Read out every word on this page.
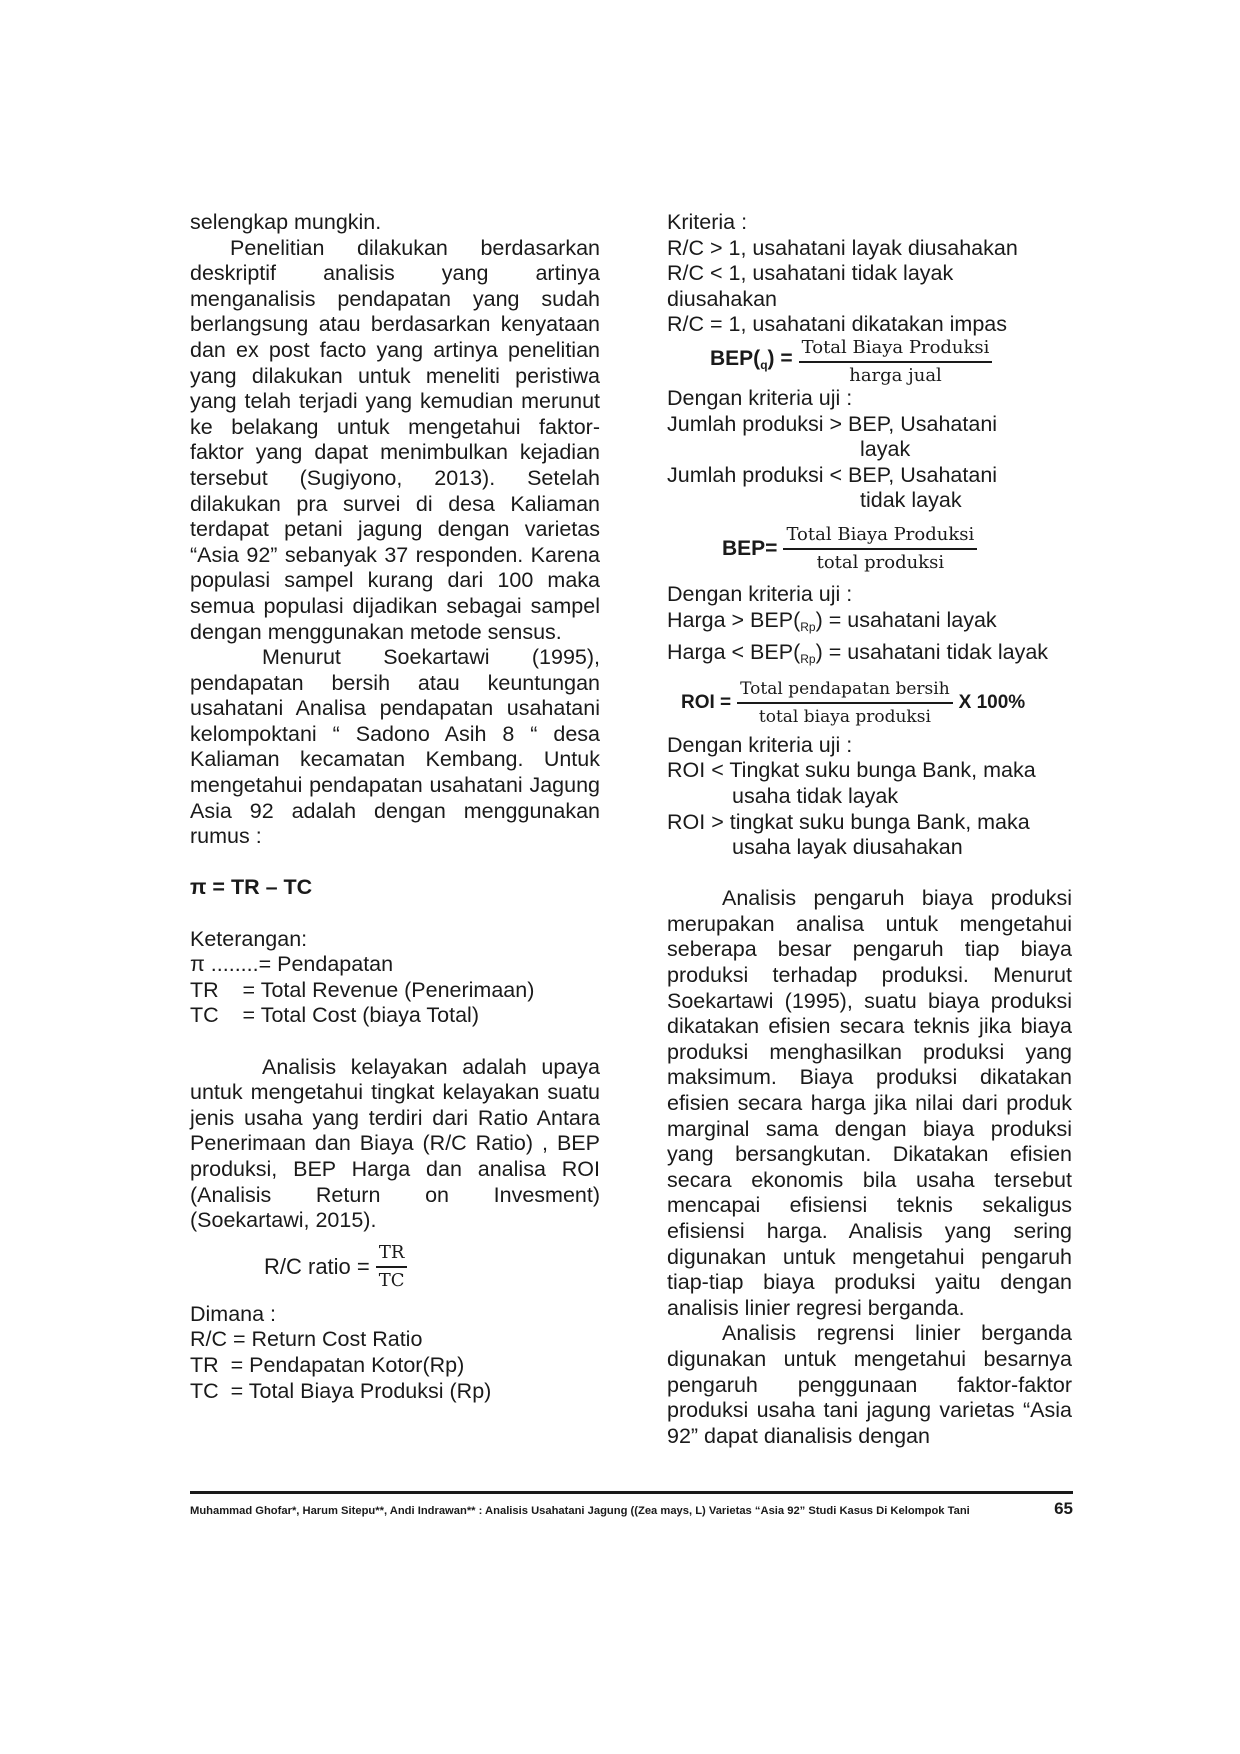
selengkap mungkin.

Penelitian dilakukan berdasarkan deskriptif analisis yang artinya menganalisis pendapatan yang sudah berlangsung atau berdasarkan kenyataan dan ex post facto yang artinya penelitian yang dilakukan untuk meneliti peristiwa yang telah terjadi yang kemudian merunut ke belakang untuk mengetahui faktor-faktor yang dapat menimbulkan kejadian tersebut (Sugiyono, 2013). Setelah dilakukan pra survei di desa Kaliaman terdapat petani jagung dengan varietas “Asia 92” sebanyak 37 responden. Karena populasi sampel kurang dari 100 maka semua populasi dijadikan sebagai sampel dengan menggunakan metode sensus.

Menurut Soekartawi (1995), pendapatan bersih atau keuntungan usahatani Analisa pendapatan usahatani kelompoktani “ Sadono Asih 8 “ desa Kaliaman kecamatan Kembang. Untuk mengetahui pendapatan usahatani Jagung Asia 92 adalah dengan menggunakan rumus :

π = TR – TC
Keterangan:
π ........= Pendapatan
TR    = Total Revenue (Penerimaan)
TC    = Total Cost (biaya Total)

Analisis kelayakan adalah upaya untuk mengetahui tingkat kelayakan suatu jenis usaha yang terdiri dari Ratio Antara Penerimaan dan Biaya (R/C Ratio) , BEP produksi, BEP Harga dan analisa ROI (Analisis Return on Invesment) (Soekartawi, 2015).

R/C ratio = $\frac{TR}{TC}$
Dimana :
R/C = Return Cost Ratio
TR  = Pendapatan Kotor(Rp)
TC  = Total Biaya Produksi (Rp)
Kriteria :
R/C > 1, usahatani layak diusahakan
R/C < 1, usahatani tidak layak
diusahakan
R/C = 1, usahatani dikatakan impas
$BEP(_q) = \frac{\text{Total Biaya Produksi}}{\text{harga jual}}$
Dengan kriteria uji :
Jumlah produksi > BEP, Usahatani
layak
Jumlah produksi < BEP, Usahatani
tidak layak
$BEP= \frac{\text{Total Biaya Produksi}}{\text{total produksi}}$
Dengan kriteria uji :
Harga > $BEP(_{Rp})$ = usahatani layak
Harga < $BEP(_{Rp})$ = usahatani tidak layak
ROI = $\frac{\text{Total pendapatan bersih}}{\text{total biaya produksi}}$ X 100%
Dengan kriteria uji :
ROI < Tingkat suku bunga Bank, maka
usaha tidak layak
ROI > tingkat suku bunga Bank, maka
usaha layak diusahakan

Analisis pengaruh biaya produksi merupakan analisa untuk mengetahui seberapa besar pengaruh tiap biaya produksi terhadap produksi. Menurut Soekartawi (1995), suatu biaya produksi dikatakan efisien secara teknis jika biaya produksi menghasilkan produksi yang maksimum. Biaya produksi dikatakan efisien secara harga jika nilai dari produk marginal sama dengan biaya produksi yang bersangkutan. Dikatakan efisien secara ekonomis bila usaha tersebut mencapai efisiensi teknis sekaligus efisiensi harga. Analisis yang sering digunakan untuk mengetahui pengaruh tiap-tiap biaya produksi yaitu dengan analisis linier regresi berganda.

Analisis regrensi linier berganda digunakan untuk mengetahui besarnya pengaruh penggunaan faktor-faktor produksi usaha tani jagung varietas “Asia 92” dapat dianalisis dengan

Muhammad Ghofar*, Harum Sitepu**, Andi Indrawan** : Analisis Usahatani Jagung ((Zea mays, L) Varietas “Asia 92” Studi Kasus Di Kelompok Tani	65
